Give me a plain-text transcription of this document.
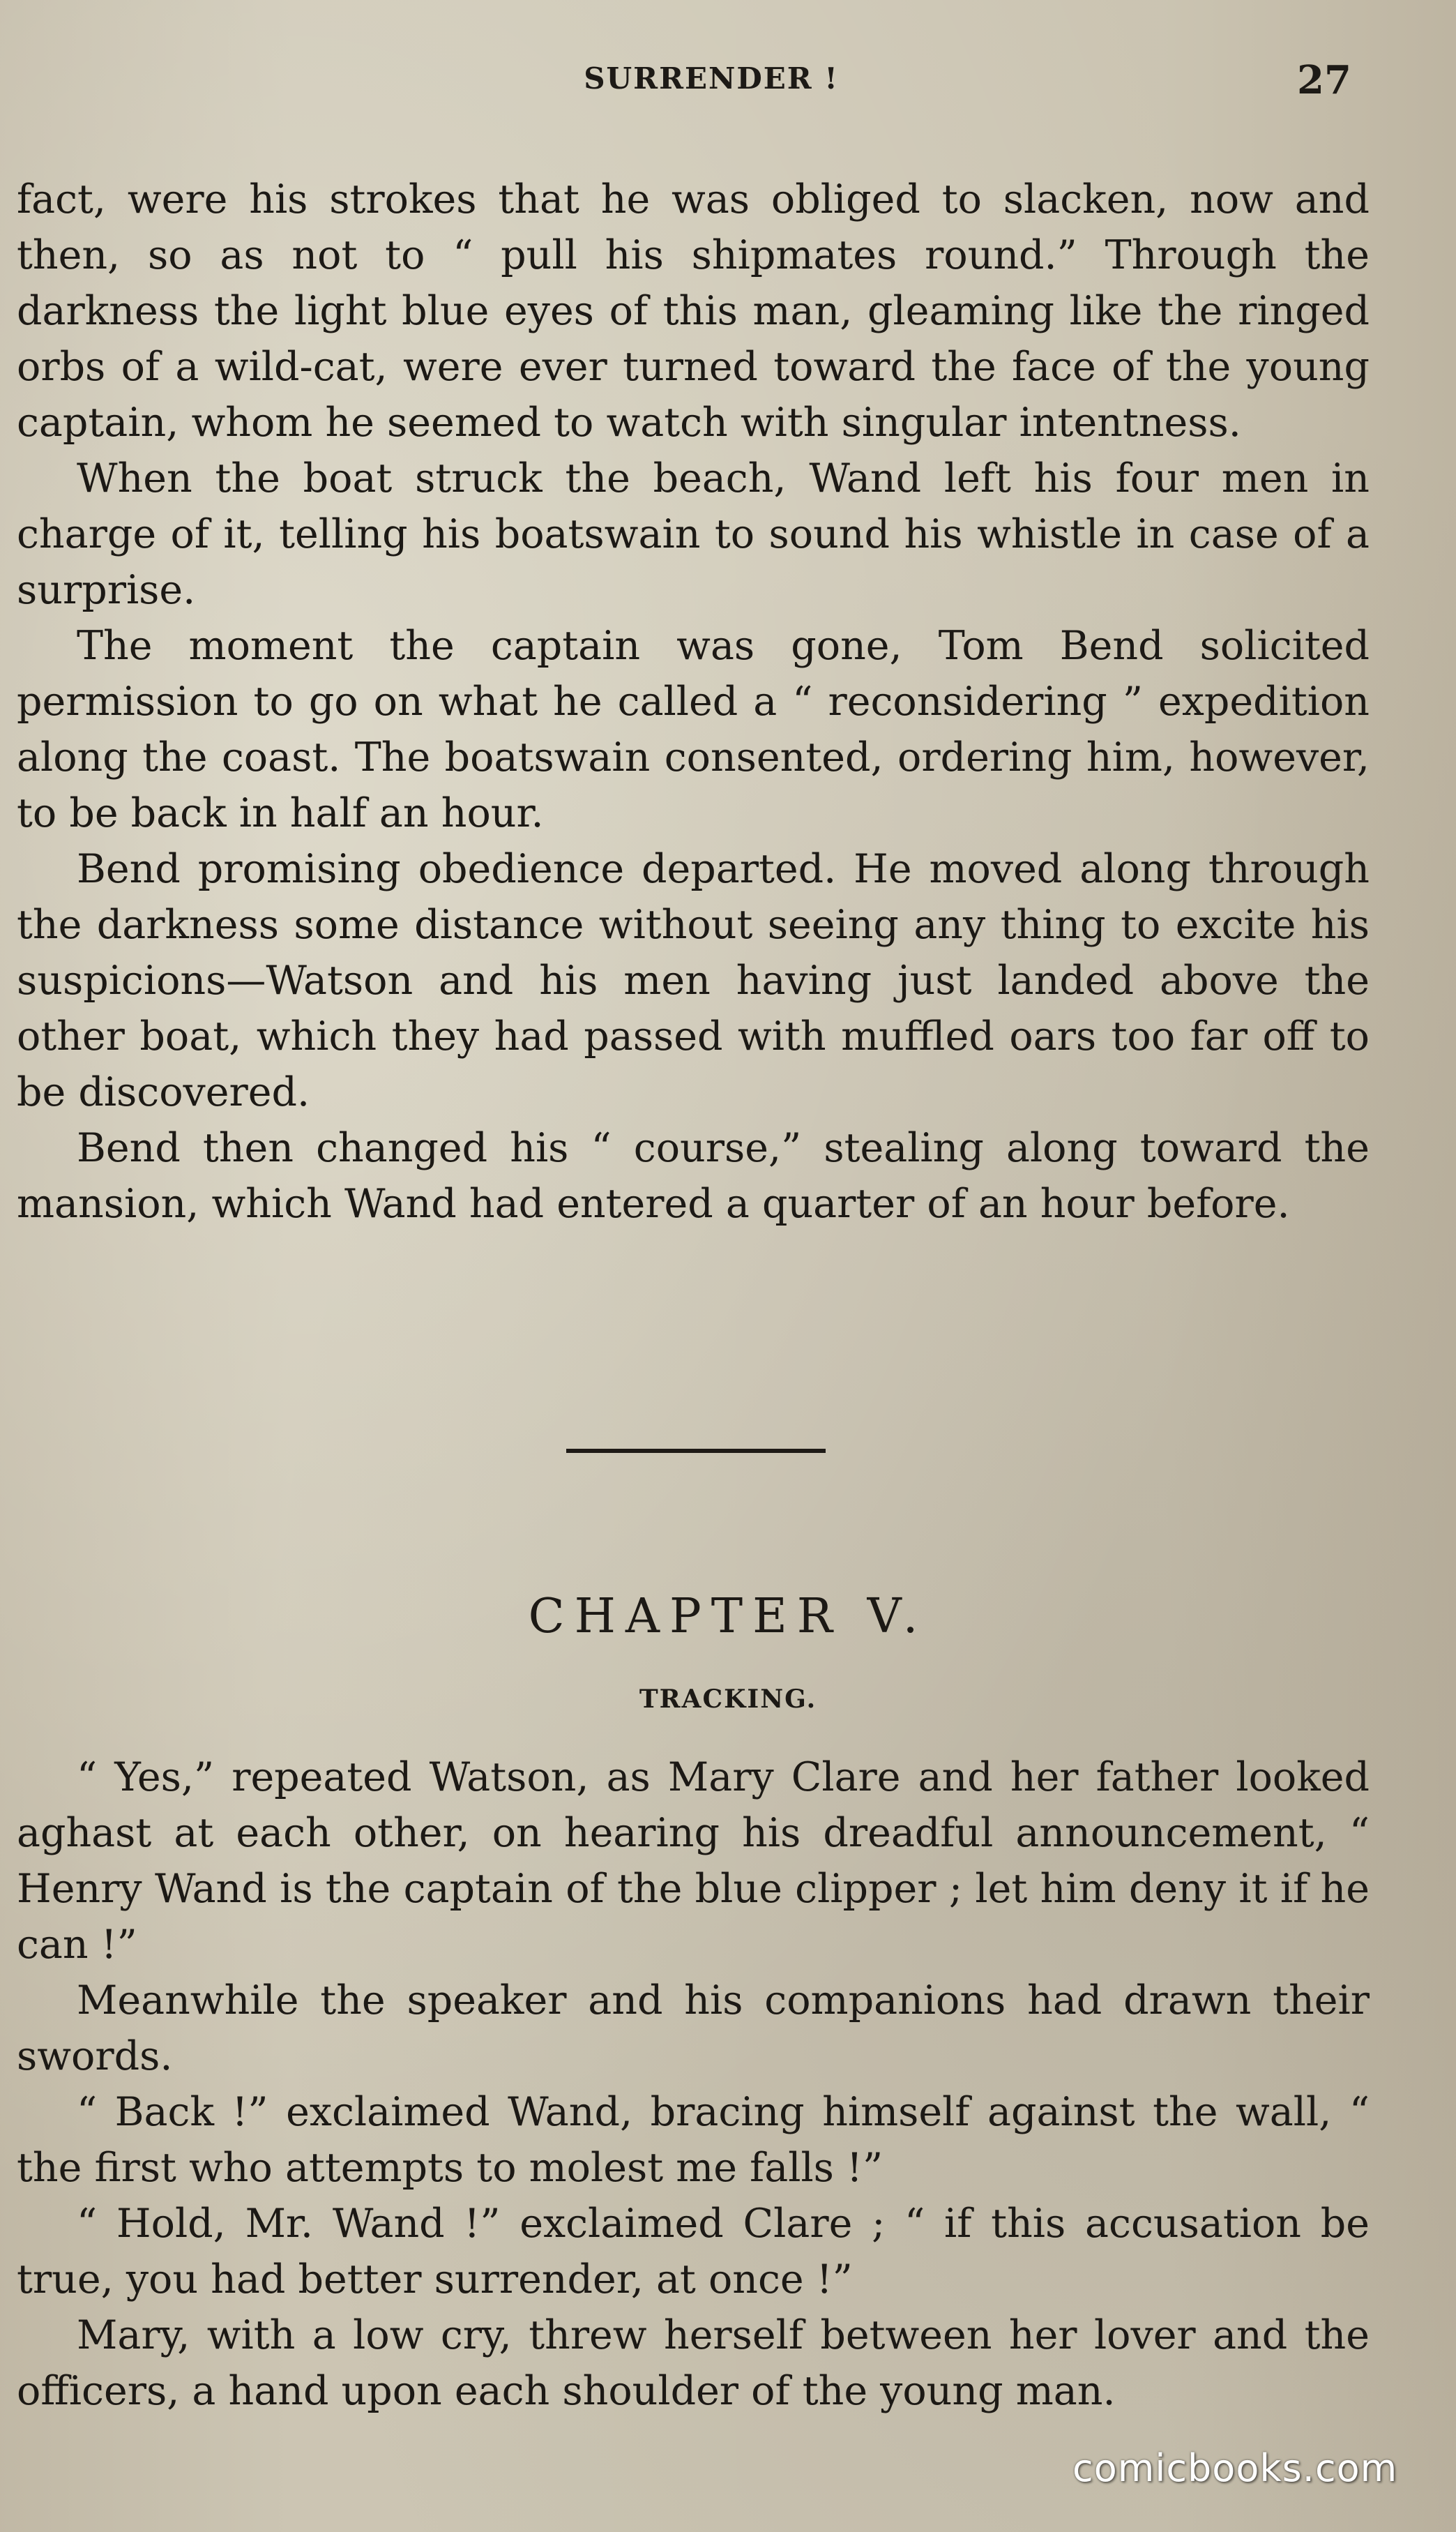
SURRENDER !	27

fact, were his strokes that he was obliged to slacken, now and then, so as not to “ pull his shipmates round.” Through the darkness the light blue eyes of this man, gleaming like the ringed orbs of a wild-cat, were ever turned toward the face of the young captain, whom he seemed to watch with singular intentness.

When the boat struck the beach, Wand left his four men in charge of it, telling his boatswain to sound his whistle in case of a surprise.

The moment the captain was gone, Tom Bend solicited permission to go on what he called a “ reconsidering ” expedition along the coast. The boatswain consented, ordering him, however, to be back in half an hour.

Bend promising obedience departed. He moved along through the darkness some distance without seeing any thing to excite his suspicions—Watson and his men having just landed above the other boat, which they had passed with muffled oars too far off to be discovered.

Bend then changed his “ course,” stealing along toward the mansion, which Wand had entered a quarter of an hour before.

CHAPTER V.
TRACKING.

“ Yes,” repeated Watson, as Mary Clare and her father looked aghast at each other, on hearing his dreadful announcement, “ Henry Wand is the captain of the blue clipper ; let him deny it if he can !”

Meanwhile the speaker and his companions had drawn their swords.

“ Back !” exclaimed Wand, bracing himself against the wall, “ the first who attempts to molest me falls !”

“ Hold, Mr. Wand !” exclaimed Clare ; “ if this accusation be true, you had better surrender, at once !”

Mary, with a low cry, threw herself between her lover and the officers, a hand upon each shoulder of the young man.

comicbooks.com
